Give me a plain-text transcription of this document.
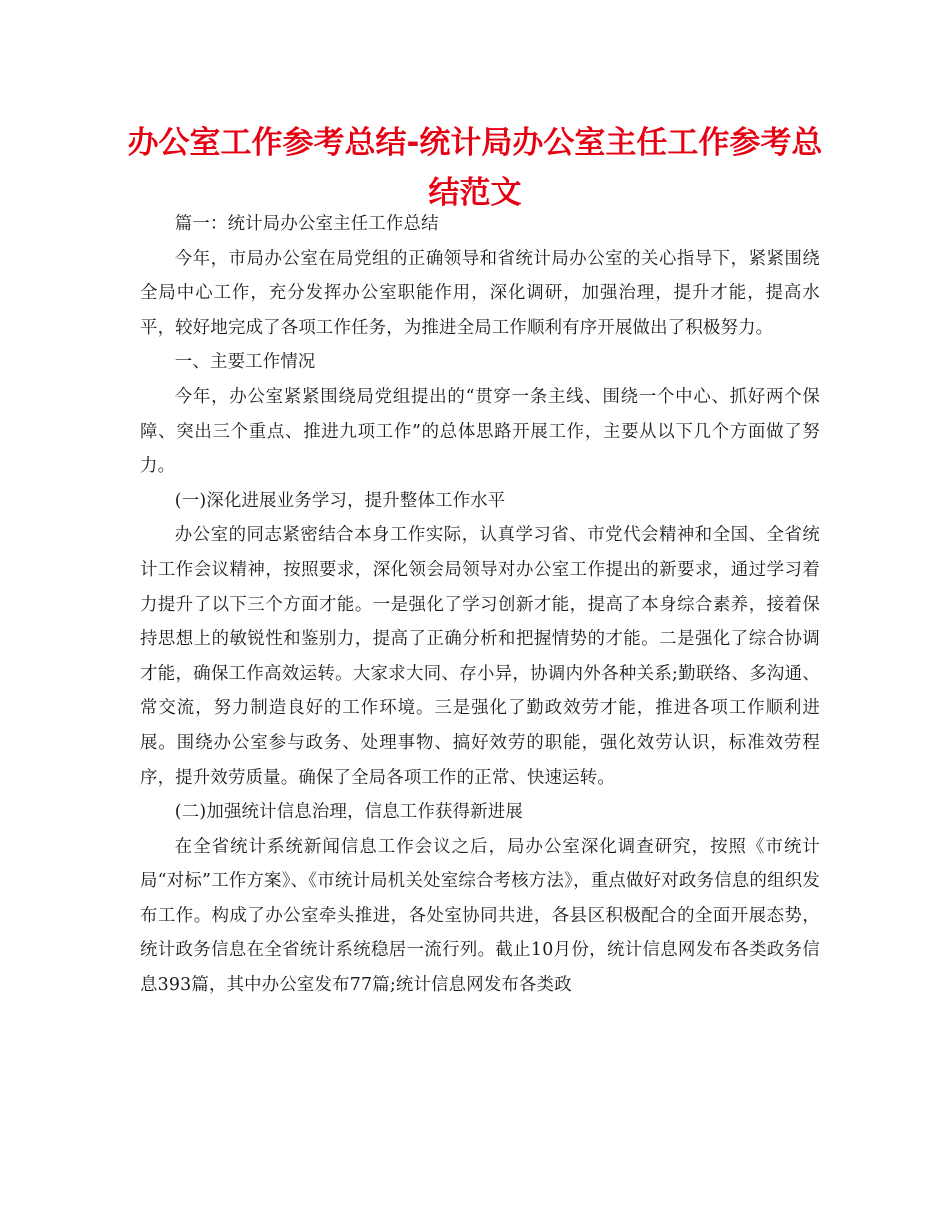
办公室工作参考总结-统计局办公室主任工作参考总结范文

篇一：统计局办公室主任工作总结

今年，市局办公室在局党组的正确领导和省统计局办公室的关心指导下，紧紧围绕全局中心工作，充分发挥办公室职能作用，深化调研，加强治理，提升才能，提高水平，较好地完成了各项工作任务，为推进全局工作顺利有序开展做出了积极努力。

一、主要工作情况

今年，办公室紧紧围绕局党组提出的“贯穿一条主线、围绕一个中心、抓好两个保障、突出三个重点、推进九项工作”的总体思路开展工作，主要从以下几个方面做了努力。

(一)深化进展业务学习，提升整体工作水平

办公室的同志紧密结合本身工作实际，认真学习省、市党代会精神和全国、全省统计工作会议精神，按照要求，深化领会局领导对办公室工作提出的新要求，通过学习着力提升了以下三个方面才能。一是强化了学习创新才能，提高了本身综合素养，接着保持思想上的敏锐性和鉴别力，提高了正确分析和把握情势的才能。二是强化了综合协调才能，确保工作高效运转。大家求大同、存小异，协调内外各种关系;勤联络、多沟通、常交流，努力制造良好的工作环境。三是强化了勤政效劳才能，推进各项工作顺利进展。围绕办公室参与政务、处理事物、搞好效劳的职能，强化效劳认识，标准效劳程序，提升效劳质量。确保了全局各项工作的正常、快速运转。

(二)加强统计信息治理，信息工作获得新进展

在全省统计系统新闻信息工作会议之后，局办公室深化调查研究，按照《市统计局“对标”工作方案》、《市统计局机关处室综合考核方法》，重点做好对政务信息的组织发布工作。构成了办公室牵头推进，各处室协同共进，各县区积极配合的全面开展态势，统计政务信息在全省统计系统稳居一流行列。截止10月份，统计信息网发布各类政务信息393篇，其中办公室发布77篇;统计信息网发布各类政
